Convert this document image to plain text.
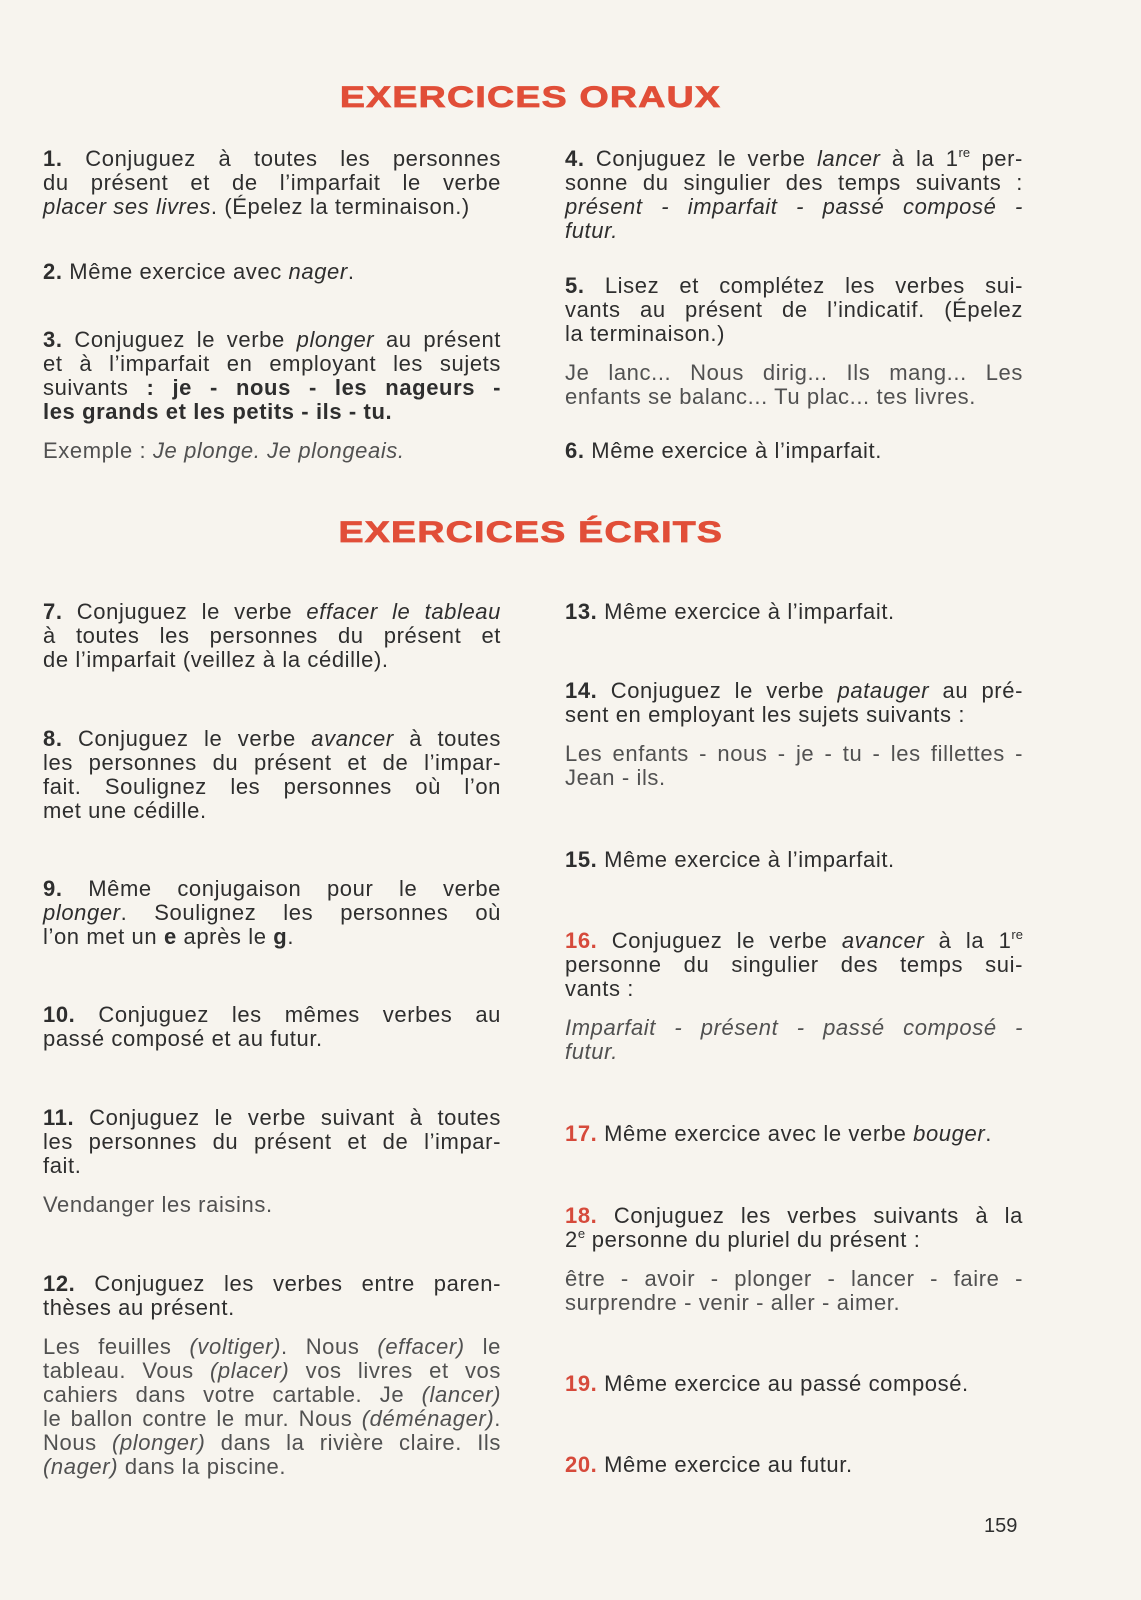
EXERCICES ORAUX
1. Conjuguez à toutes les personnes
du présent et de l’imparfait le verbe
placer ses livres. (Épelez la terminaison.)
2. Même exercice avec nager.
3. Conjuguez le verbe plonger au présent
et à l’imparfait en employant les sujets
suivants : je - nous - les nageurs -
les grands et les petits - ils - tu.
Exemple : Je plonge. Je plongeais.
4. Conjuguez le verbe lancer à la 1re per-
sonne du singulier des temps suivants :
présent - imparfait - passé composé -
futur.
5. Lisez et complétez les verbes sui-
vants au présent de l’indicatif. (Épelez
la terminaison.)
Je lanc... Nous dirig... Ils mang... Les
enfants se balanc... Tu plac... tes livres.
6. Même exercice à l’imparfait.
EXERCICES ÉCRITS
7. Conjuguez le verbe effacer le tableau
à toutes les personnes du présent et
de l’imparfait (veillez à la cédille).
8. Conjuguez le verbe avancer à toutes
les personnes du présent et de l’impar-
fait. Soulignez les personnes où l’on
met une cédille.
9. Même conjugaison pour le verbe
plonger. Soulignez les personnes où
l’on met un e après le g.
10. Conjuguez les mêmes verbes au
passé composé et au futur.
11. Conjuguez le verbe suivant à toutes
les personnes du présent et de l’impar-
fait.
Vendanger les raisins.
12. Conjuguez les verbes entre paren-
thèses au présent.
Les feuilles (voltiger). Nous (effacer) le
tableau. Vous (placer) vos livres et vos
cahiers dans votre cartable. Je (lancer)
le ballon contre le mur. Nous (déménager).
Nous (plonger) dans la rivière claire. Ils
(nager) dans la piscine.
13. Même exercice à l’imparfait.
14. Conjuguez le verbe patauger au pré-
sent en employant les sujets suivants :
Les enfants - nous - je - tu - les fillettes -
Jean - ils.
15. Même exercice à l’imparfait.
16. Conjuguez le verbe avancer à la 1re
personne du singulier des temps sui-
vants :
Imparfait - présent - passé composé -
futur.
17. Même exercice avec le verbe bouger.
18. Conjuguez les verbes suivants à la
2e personne du pluriel du présent :
être - avoir - plonger - lancer - faire -
surprendre - venir - aller - aimer.
19. Même exercice au passé composé.
20. Même exercice au futur.
159
